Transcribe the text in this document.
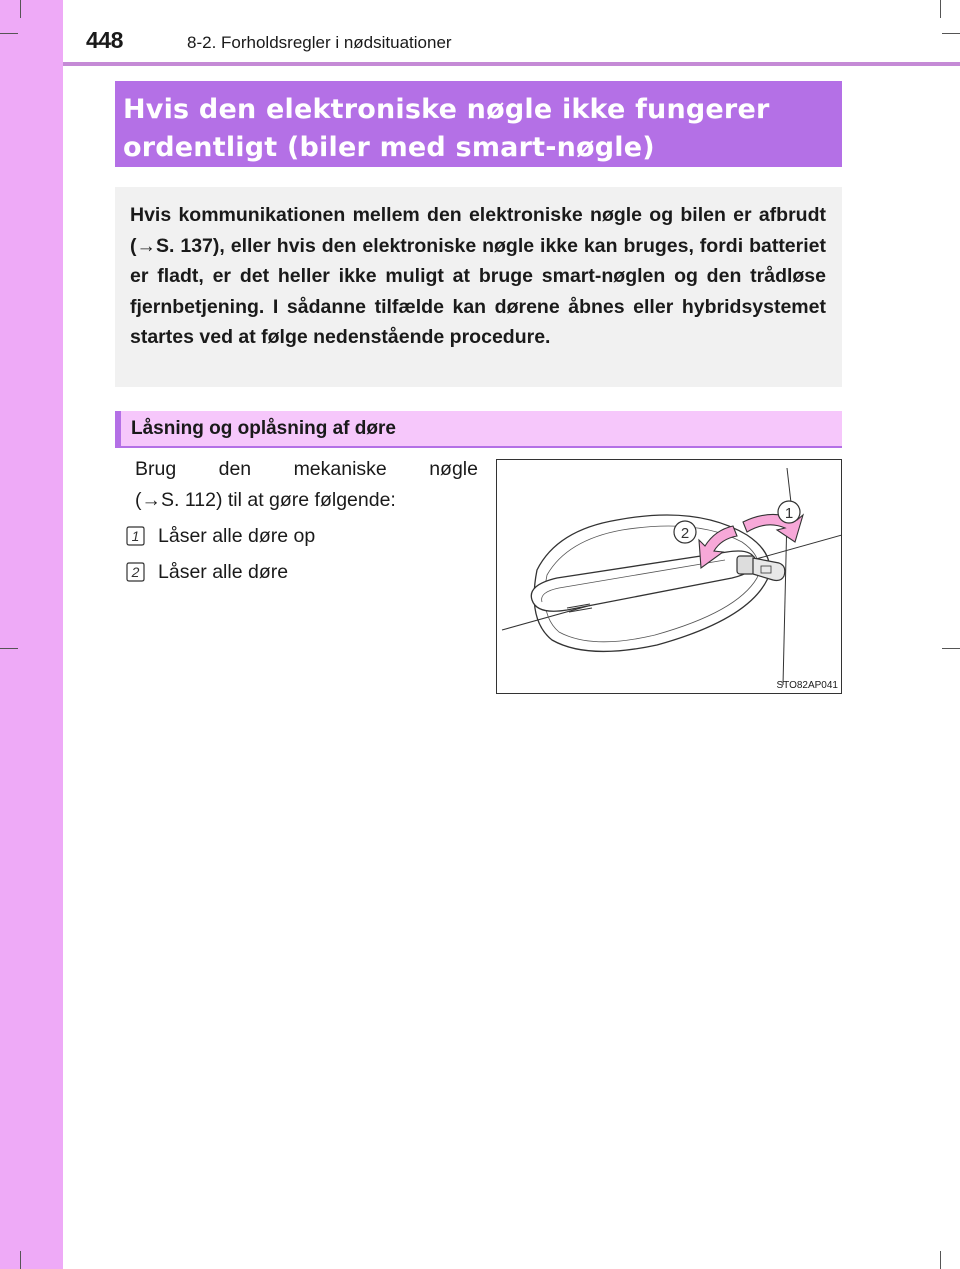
448	8-2. Forholdsregler i nødsituationer
Hvis den elektroniske nøgle ikke fungerer
ordentligt (biler med smart-nøgle)

Hvis kommunikationen mellem den elektroniske nøgle og bilen er afbrudt (→S. 137), eller hvis den elektroniske nøgle ikke kan bruges, fordi batteriet er fladt, er det heller ikke muligt at bruge smart-nøglen og den trådløse fjernbetjening. I sådanne tilfælde kan dørene åbnes eller hybridsystemet startes ved at følge nedenstående procedure.

Låsning og oplåsning af døre
Brug den mekaniske nøgle
(→S. 112) til at gøre følgende:
1 Låser alle døre op
2 Låser alle døre
1
2
STO82AP041
